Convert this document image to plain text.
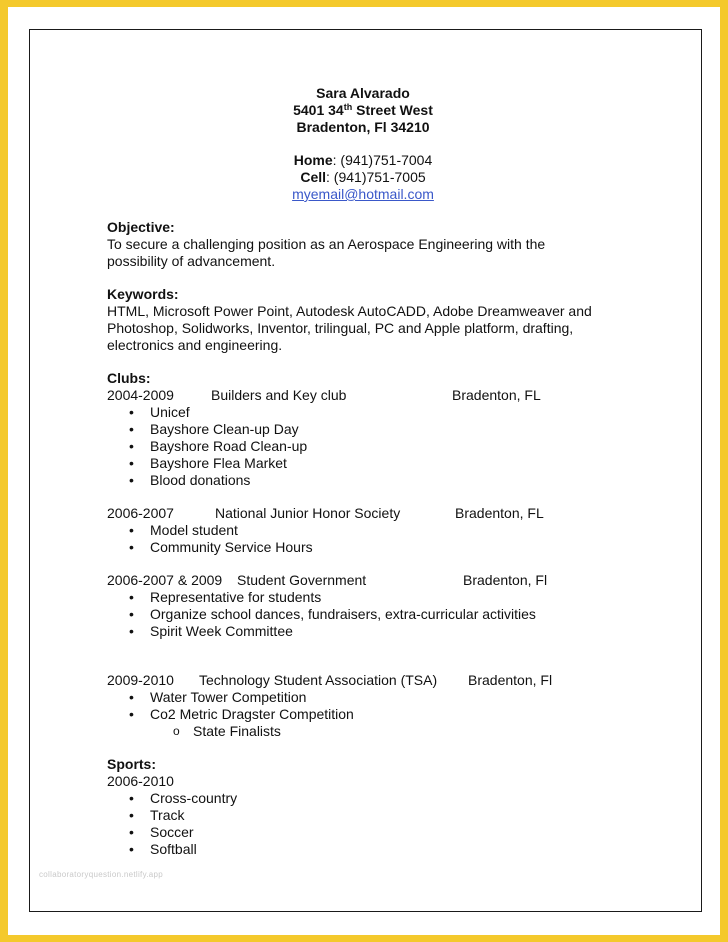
collaboratoryquestion.netlify.app
Sara Alvarado
5401 34th Street West
Bradenton, Fl 34210
Home: (941)751-7004
Cell: (941)751-7005
myemail@hotmail.com
Objective:
To secure a challenging position as an Aerospace Engineering with the
possibility of advancement.
Keywords:
HTML, Microsoft Power Point, Autodesk AutoCADD, Adobe Dreamweaver and
Photoshop, Solidworks, Inventor, trilingual, PC and Apple platform, drafting,
electronics and engineering.
Clubs:
2004-2009	Builders and Key club	Bradenton, FL
• Unicef
• Bayshore Clean-up Day
• Bayshore Road Clean-up
• Bayshore Flea Market
• Blood donations
2006-2007	National Junior Honor Society	Bradenton, FL
• Model student
• Community Service Hours
2006-2007 & 2009 Student Government	Bradenton, Fl
• Representative for students
• Organize school dances, fundraisers, extra-curricular activities
• Spirit Week Committee
2009-2010 Technology Student Association (TSA) Bradenton, Fl
• Water Tower Competition
• Co2 Metric Dragster Competition
o State Finalists
Sports:
2006-2010
• Cross-country
• Track
• Soccer
• Softball
